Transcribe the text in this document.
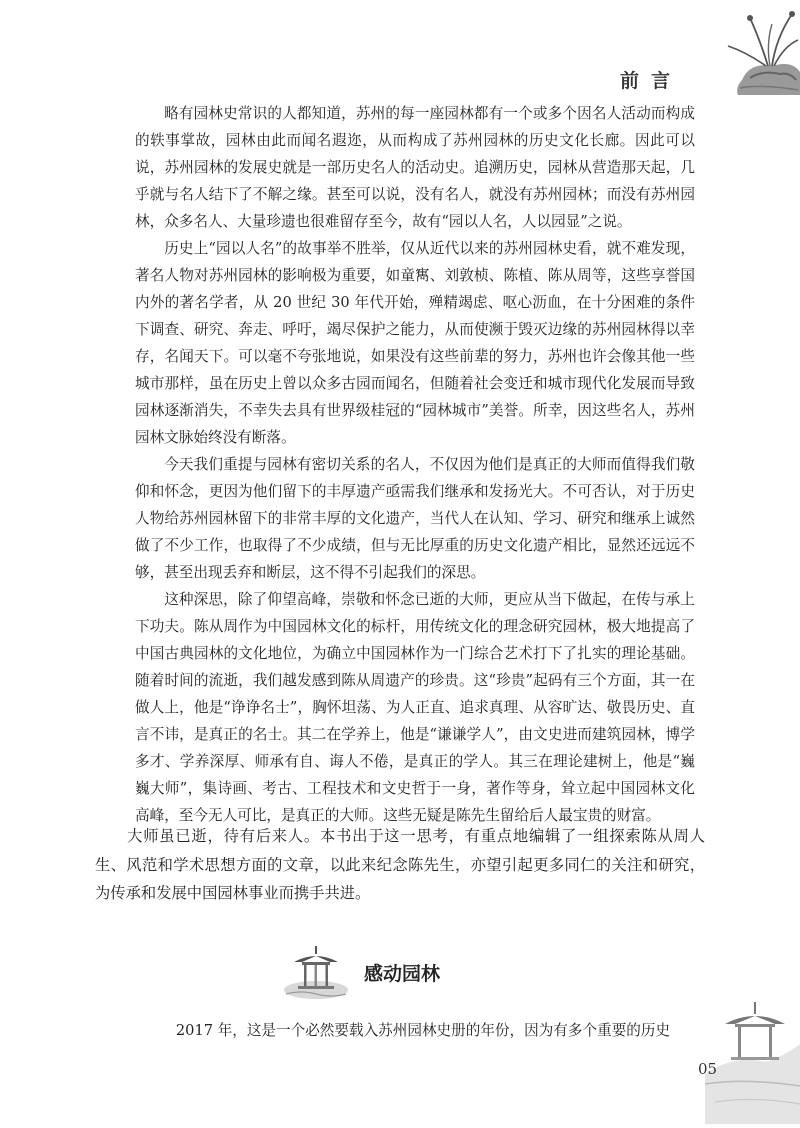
前言

略有园林史常识的人都知道，苏州的每一座园林都有一个或多个因名人活动而构成的轶事掌故，园林由此而闻名遐迩，从而构成了苏州园林的历史文化长廊。因此可以说，苏州园林的发展史就是一部历史名人的活动史。追溯历史，园林从营造那天起，几乎就与名人结下了不解之缘。甚至可以说，没有名人，就没有苏州园林；而没有苏州园林，众多名人、大量珍遗也很难留存至今，故有“园以人名，人以园显”之说。

历史上“园以人名”的故事举不胜举，仅从近代以来的苏州园林史看，就不难发现，著名人物对苏州园林的影响极为重要，如童寯、刘敦桢、陈植、陈从周等，这些享誉国内外的著名学者，从 20 世纪 30 年代开始，殚精竭虑、呕心沥血，在十分困难的条件下调查、研究、奔走、呼吁，竭尽保护之能力，从而使濒于毁灭边缘的苏州园林得以幸存，名闻天下。可以毫不夸张地说，如果没有这些前辈的努力，苏州也许会像其他一些城市那样，虽在历史上曾以众多古园而闻名，但随着社会变迁和城市现代化发展而导致园林逐渐消失，不幸失去具有世界级桂冠的“园林城市”美誉。所幸，因这些名人，苏州园林文脉始终没有断落。

今天我们重提与园林有密切关系的名人，不仅因为他们是真正的大师而值得我们敬仰和怀念，更因为他们留下的丰厚遗产亟需我们继承和发扬光大。不可否认，对于历史人物给苏州园林留下的非常丰厚的文化遗产，当代人在认知、学习、研究和继承上诚然做了不少工作，也取得了不少成绩，但与无比厚重的历史文化遗产相比，显然还远远不够，甚至出现丢弃和断层，这不得不引起我们的深思。

这种深思，除了仰望高峰，崇敬和怀念已逝的大师，更应从当下做起，在传与承上下功夫。陈从周作为中国园林文化的标杆，用传统文化的理念研究园林，极大地提高了中国古典园林的文化地位，为确立中国园林作为一门综合艺术打下了扎实的理论基础。随着时间的流逝，我们越发感到陈从周遗产的珍贵。这“珍贵”起码有三个方面，其一在做人上，他是“诤诤名士”，胸怀坦荡、为人正直、追求真理、从容旷达、敬畏历史、直言不讳，是真正的名士。其二在学养上，他是“谦谦学人”，由文史进而建筑园林，博学多才、学养深厚、师承有自、诲人不倦，是真正的学人。其三在理论建树上，他是“巍巍大师”，集诗画、考古、工程技术和文史哲于一身，著作等身，耸立起中国园林文化高峰，至今无人可比，是真正的大师。这些无疑是陈先生留给后人最宝贵的财富。

大师虽已逝，待有后来人。本书出于这一思考，有重点地编辑了一组探索陈从周人生、风范和学术思想方面的文章，以此来纪念陈先生，亦望引起更多同仁的关注和研究，为传承和发展中国园林事业而携手共进。

感动园林

2017 年，这是一个必然要载入苏州园林史册的年份，因为有多个重要的历史

05
